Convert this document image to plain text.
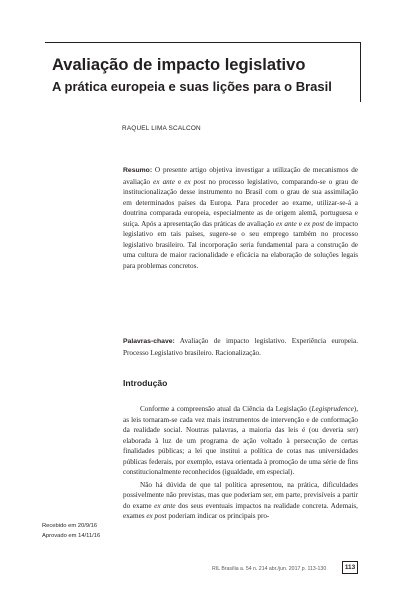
Avaliação de impacto legislativo
A prática europeia e suas lições para o Brasil
RAQUEL LIMA SCALCON

Resumo: O presente artigo objetiva investigar a utilização de mecanismos de avaliação ex ante e ex post no processo legislativo, comparando-se o grau de institucionalização desse instrumento no Brasil com o grau de sua assimilação em determinados países da Europa. Para proceder ao exame, utilizar-se-á a doutrina comparada europeia, especialmente as de origem alemã, portuguesa e suíça. Após a apresentação das práticas de avaliação ex ante e ex post de impacto legislativo em tais países, sugere-se o seu emprego também no processo legislativo brasileiro. Tal incorporação seria fundamental para a construção de uma cultura de maior racionalidade e eficácia na elaboração de soluções legais para problemas concretos.

Palavras-chave: Avaliação de impacto legislativo. Experiência europeia. Processo Legislativo brasileiro. Racionalização.

Introdução

Conforme a compreensão atual da Ciência da Legislação (Legisprudence), as leis tornaram-se cada vez mais instrumentos de intervenção e de conformação da realidade social. Noutras palavras, a maioria das leis é (ou deveria ser) elaborada à luz de um programa de ação voltado à persecução de certas finalidades públicas; a lei que institui a política de cotas nas universidades públicas federais, por exemplo, estava orientada à promoção de uma série de fins constitucionalmente reconhecidos (igualdade, em especial).

Não há dúvida de que tal política apresentou, na prática, dificuldades possivelmente não previstas, mas que poderiam ser, em parte, previsíveis a partir do exame ex ante dos seus eventuais impactos na realidade concreta. Ademais, exames ex post poderiam indicar os principais pro-

Recebido em 20/9/16
Aprovado em 14/11/16
RIL Brasília a. 54 n. 214 abr./jun. 2017 p. 113-130	113
